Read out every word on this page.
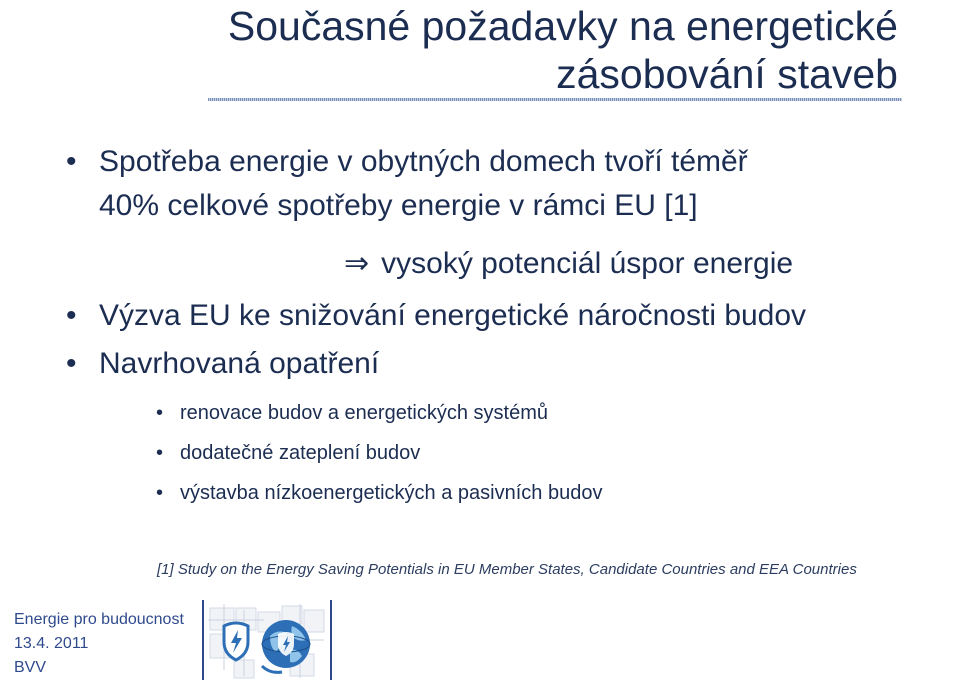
Současné požadavky na energetické
zásobování staveb
• Spotřeba energie v obytných domech tvoří téměř
40% celkové spotřeby energie v rámci EU [1]
⇒ vysoký potenciál úspor energie
• Výzva EU ke snižování energetické náročnosti budov
• Navrhovaná opatření
• renovace budov a energetických systémů
• dodatečné zateplení budov
• výstavba nízkoenergetických a pasivních budov
[1] Study on the Energy Saving Potentials in EU Member States, Candidate Countries and EEA Countries
Energie pro budoucnost
13.4. 2011
BVV
